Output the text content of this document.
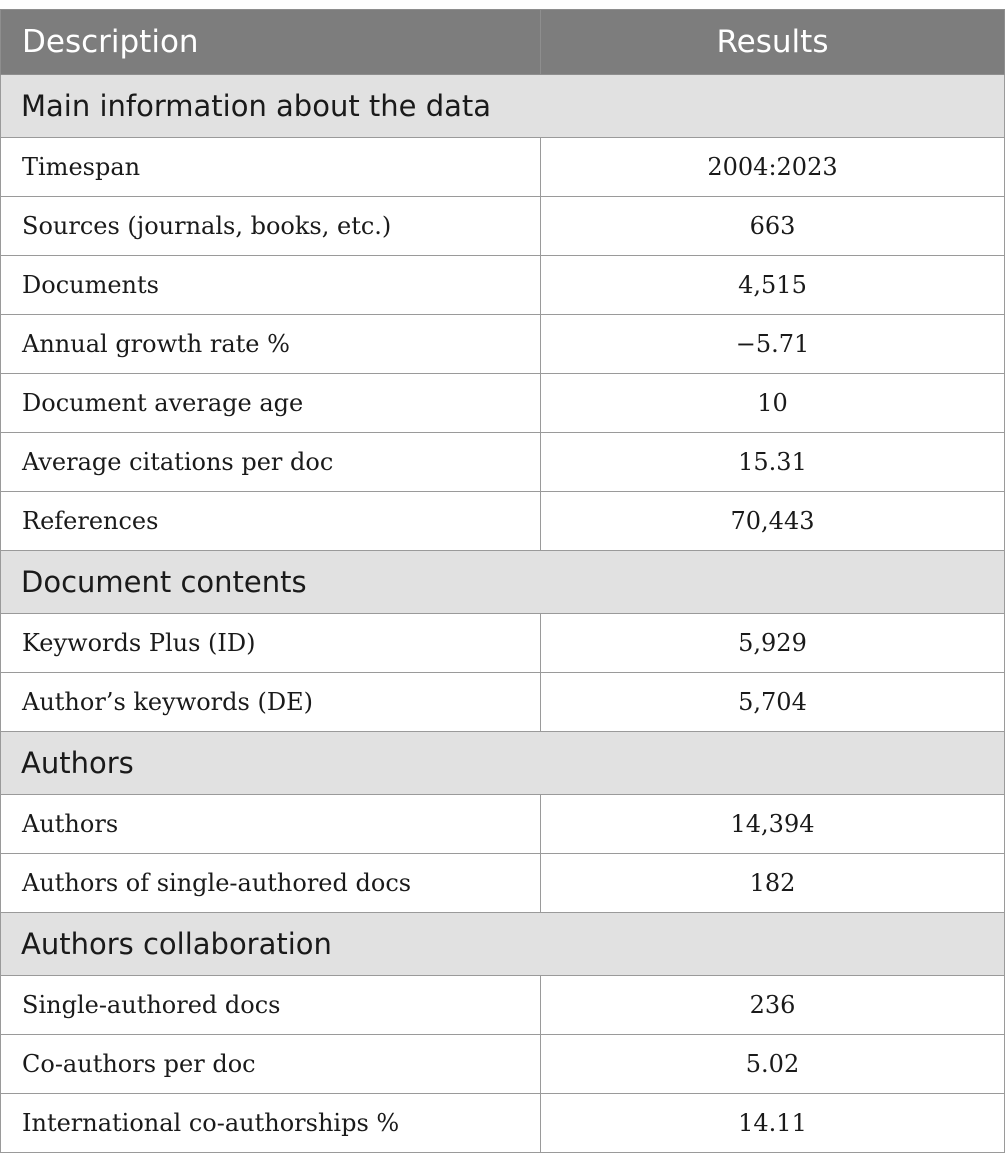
Description	Results
Main information about the data	
Timespan	2004:2023
Sources (journals, books, etc.)	663
Documents	4,515
Annual growth rate %	−5.71
Document average age	10
Average citations per doc	15.31
References	70,443
Document contents	
Keywords Plus (ID)	5,929
Author’s keywords (DE)	5,704
Authors	
Authors	14,394
Authors of single-authored docs	182
Authors collaboration	
Single-authored docs	236
Co-authors per doc	5.02
International co-authorships %	14.11
